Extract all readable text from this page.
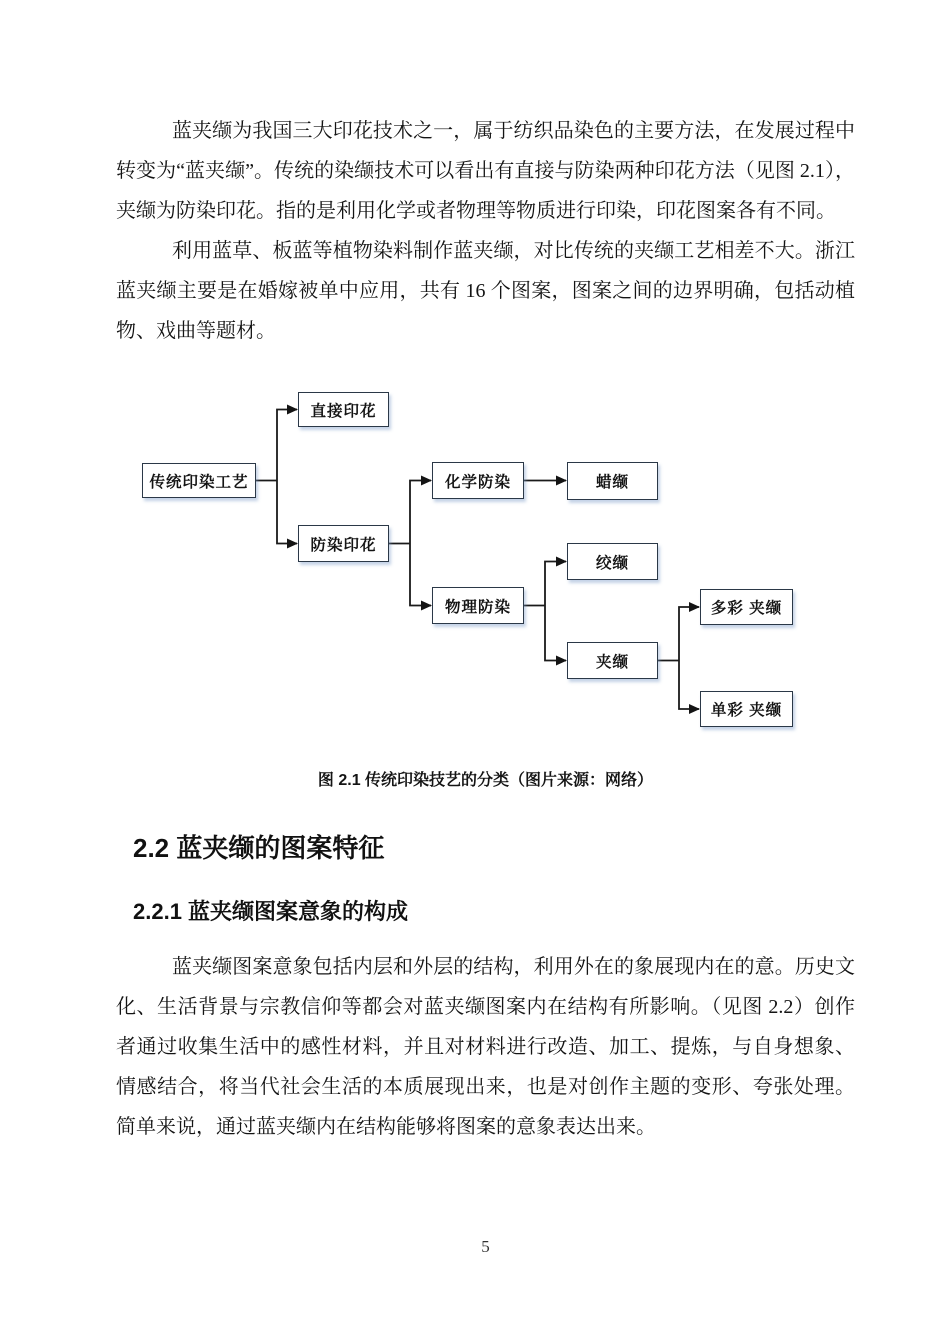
蓝夹缬为我国三大印花技术之一，属于纺织品染色的主要方法，在发展过程中转变为“蓝夹缬”。传统的染缬技术可以看出有直接与防染两种印花方法（见图 2.1），夹缬为防染印花。指的是利用化学或者物理等物质进行印染，印花图案各有不同。

利用蓝草、板蓝等植物染料制作蓝夹缬，对比传统的夹缬工艺相差不大。浙江蓝夹缬主要是在婚嫁被单中应用，共有 16 个图案，图案之间的边界明确，包括动植物、戏曲等题材。

传统印染工艺
直接印花
防染印花
化学防染	蜡缬
绞缬
物理防染
夹缬
多彩 夹缬
单彩 夹缬
图 2.1 传统印染技艺的分类（图片来源：网络）
2.2 蓝夹缬的图案特征
2.2.1 蓝夹缬图案意象的构成

蓝夹缬图案意象包括内层和外层的结构，利用外在的象展现内在的意。历史文化、生活背景与宗教信仰等都会对蓝夹缬图案内在结构有所影响。（见图 2.2）创作者通过收集生活中的感性材料，并且对材料进行改造、加工、提炼，与自身想象、情感结合，将当代社会生活的本质展现出来，也是对创作主题的变形、夸张处理。简单来说，通过蓝夹缬内在结构能够将图案的意象表达出来。

5
